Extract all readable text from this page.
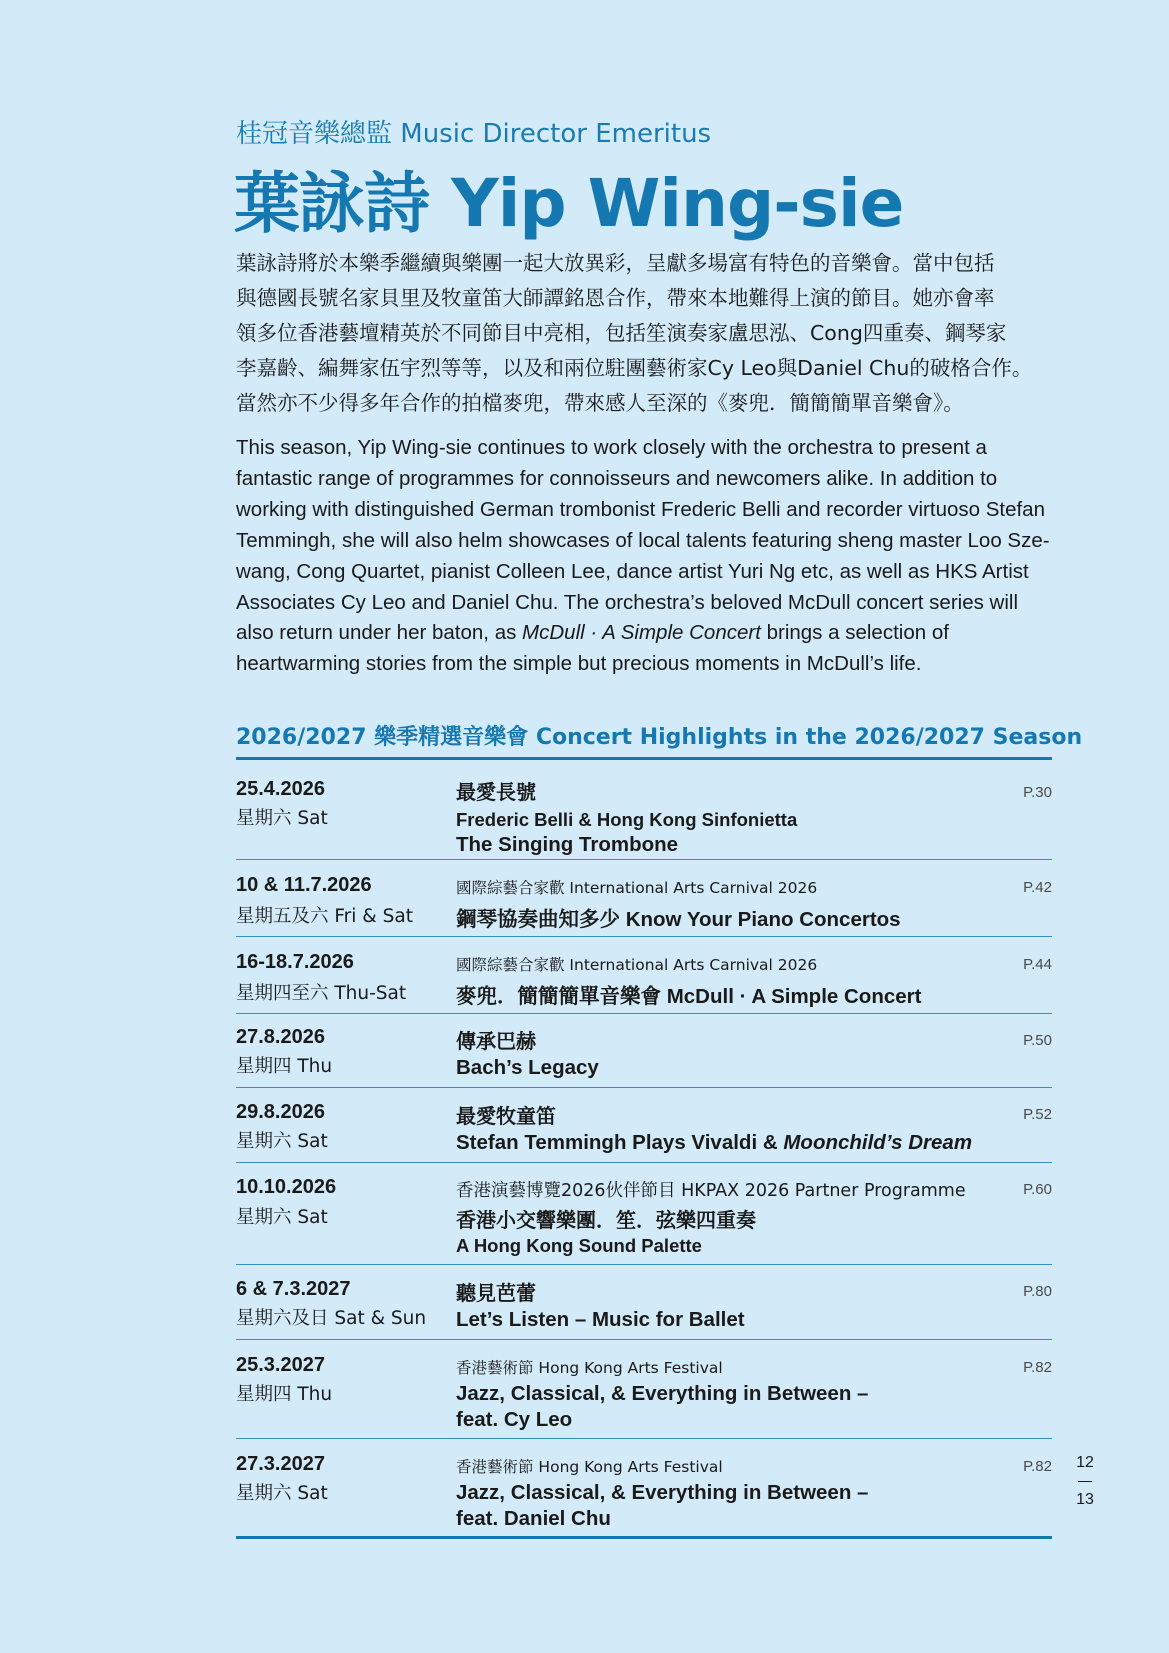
桂冠音樂總監 Music Director Emeritus
葉詠詩 Yip Wing-sie

葉詠詩將於本樂季繼續與樂團一起大放異彩，呈獻多場富有特色的音樂會。當中包括

與德國長號名家貝里及牧童笛大師譚銘恩合作，帶來本地難得上演的節目。她亦會率

領多位香港藝壇精英於不同節目中亮相，包括笙演奏家盧思泓、Cong四重奏、鋼琴家

李嘉齡、編舞家伍宇烈等等，以及和兩位駐團藝術家Cy Leo與Daniel Chu的破格合作。

當然亦不少得多年合作的拍檔麥兜，帶來感人至深的《麥兜．簡簡簡單音樂會》。

This season, Yip Wing-sie continues to work closely with the orchestra to present a fantastic range of programmes for connoisseurs and newcomers alike. In addition to working with distinguished German trombonist Frederic Belli and recorder virtuoso Stefan Temmingh, she will also helm showcases of local talents featuring sheng master Loo Sze-wang, Cong Quartet, pianist Colleen Lee, dance artist Yuri Ng etc, as well as HKS Artist Associates Cy Leo and Daniel Chu. The orchestra’s beloved McDull concert series will also return under her baton, as McDull · A Simple Concert brings a selection of heartwarming stories from the simple but precious moments in McDull’s life.

2026/2027 樂季精選音樂會 Concert Highlights in the 2026/2027 Season
25.4.2026
星期六 Sat
最愛長號
Frederic Belli & Hong Kong Sinfonietta
The Singing Trombone
P.30
10 & 11.7.2026
星期五及六 Fri & Sat
國際綜藝合家歡 International Arts Carnival 2026
鋼琴協奏曲知多少 Know Your Piano Concertos
P.42
16-18.7.2026
星期四至六 Thu-Sat
國際綜藝合家歡 International Arts Carnival 2026
麥兜．簡簡簡單音樂會 McDull · A Simple Concert
P.44
27.8.2026
星期四 Thu
傳承巴赫
Bach’s Legacy
P.50
29.8.2026
星期六 Sat
最愛牧童笛
Stefan Temmingh Plays Vivaldi & Moonchild’s Dream
P.52
10.10.2026
星期六 Sat
香港演藝博覽2026伙伴節目 HKPAX 2026 Partner Programme
香港小交響樂團．笙．弦樂四重奏
A Hong Kong Sound Palette
P.60
6 & 7.3.2027
星期六及日 Sat & Sun
聽見芭蕾
Let’s Listen – Music for Ballet
P.80
25.3.2027
星期四 Thu
香港藝術節 Hong Kong Arts Festival
Jazz, Classical, & Everything in Between –
feat. Cy Leo
P.82
27.3.2027
星期六 Sat
香港藝術節 Hong Kong Arts Festival
Jazz, Classical, & Everything in Between –
feat. Daniel Chu
P.82	12
13
